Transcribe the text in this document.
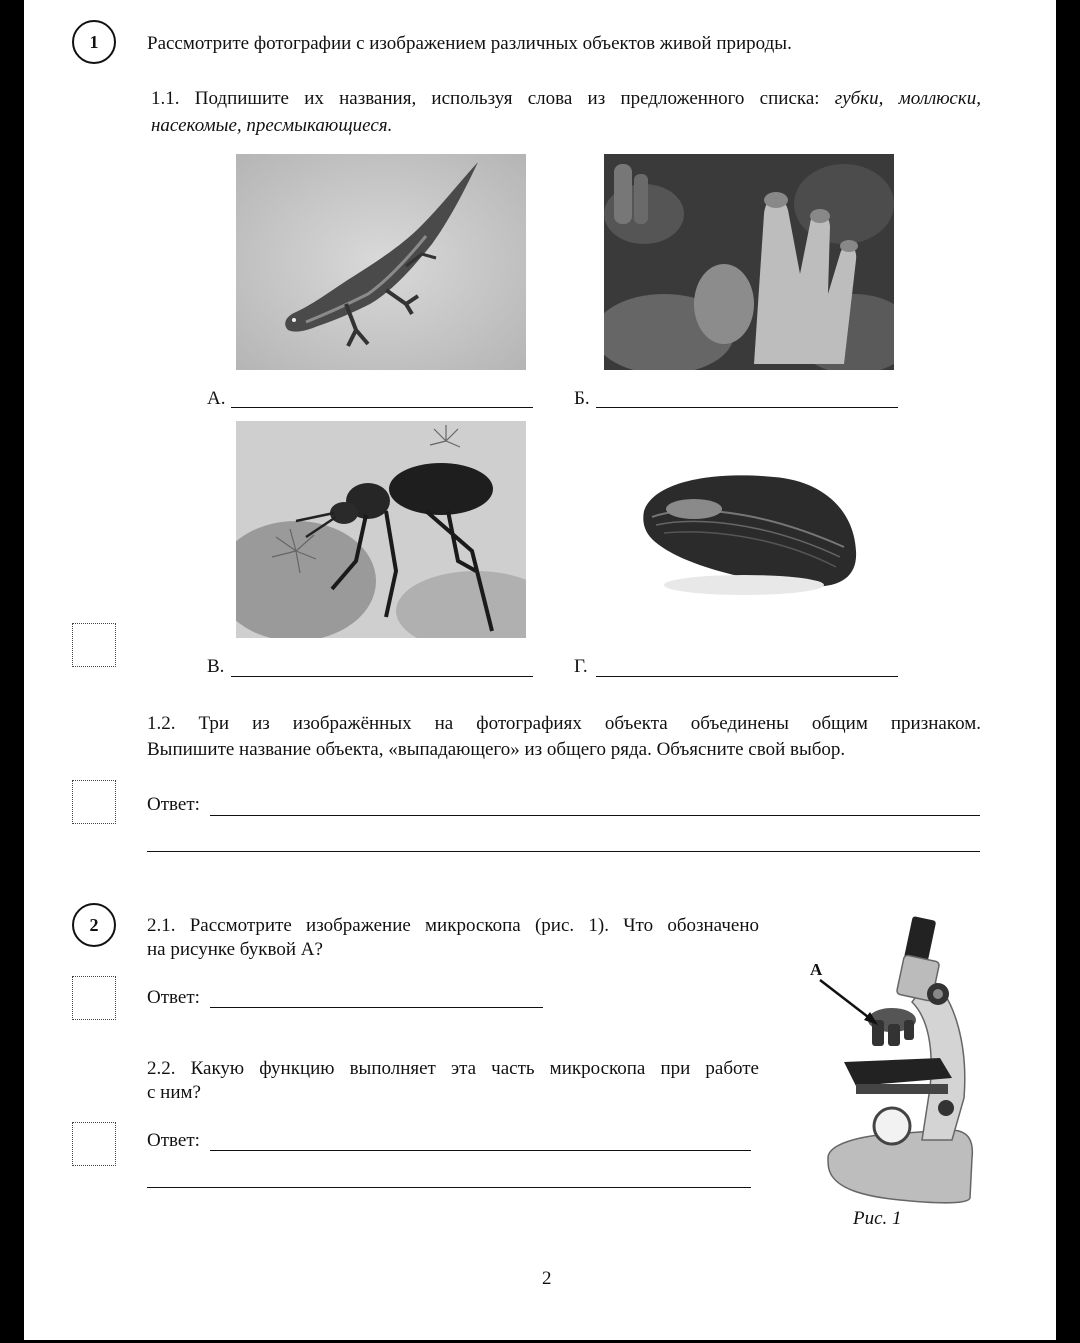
1	Рассмотрите фотографии с изображением различных объектов живой природы.
1.1. Подпишите их названия, используя слова из предложенного списка: губки, моллюски,
насекомые, пресмыкающиеся.
А.	Б.
В.	Г.
1.2. Три из изображённых на фотографиях объекта объединены общим признаком.
Выпишите название объекта, «выпадающего» из общего ряда. Объясните свой выбор.
Ответ:
2	2.1. Рассмотрите изображение микроскопа (рис. 1). Что обозначено
на рисунке буквой А?
Ответ:
2.2. Какую функцию выполняет эта часть микроскопа при работе
с ним?
Ответ:
А
Рис. 1
2
